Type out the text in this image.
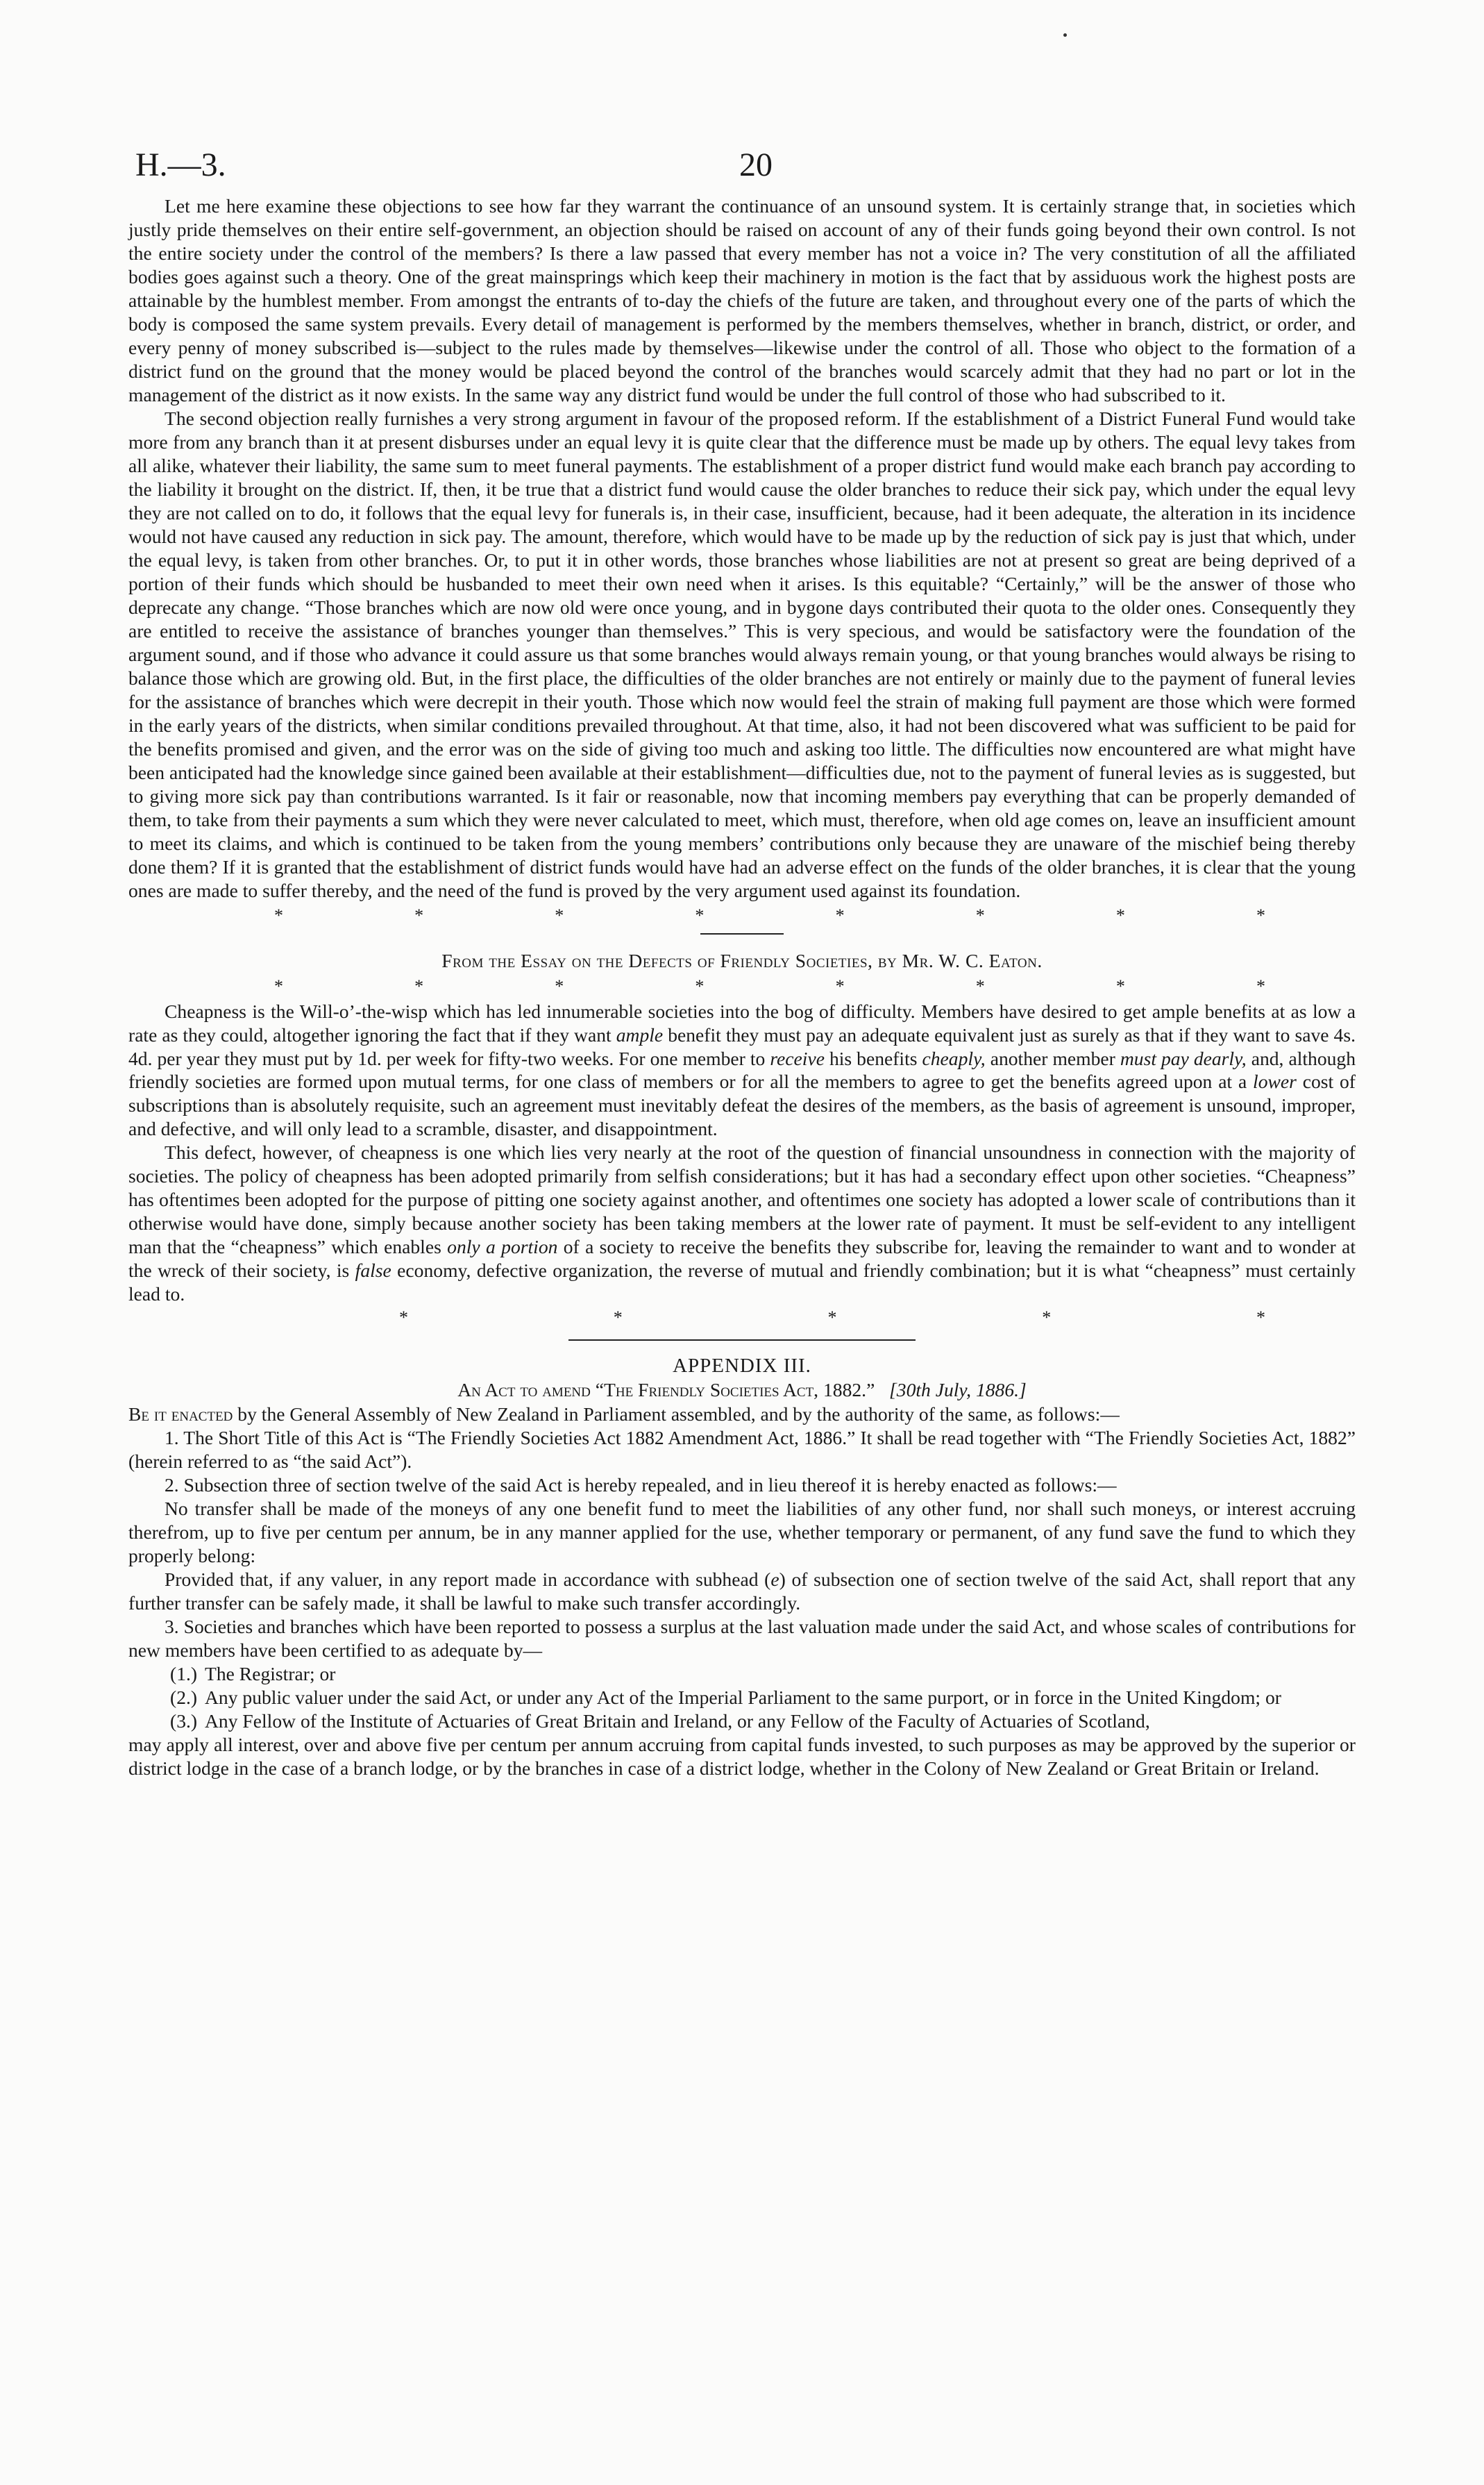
H.—3.	20

Let me here examine these objections to see how far they warrant the continuance of an unsound system. It is certainly strange that, in societies which justly pride themselves on their entire self-government, an objection should be raised on account of any of their funds going beyond their own control. Is not the entire society under the control of the members? Is there a law passed that every member has not a voice in? The very constitution of all the affiliated bodies goes against such a theory. One of the great mainsprings which keep their machinery in motion is the fact that by assiduous work the highest posts are attainable by the humblest member. From amongst the entrants of to-day the chiefs of the future are taken, and throughout every one of the parts of which the body is composed the same system prevails. Every detail of management is performed by the members themselves, whether in branch, district, or order, and every penny of money subscribed is—subject to the rules made by themselves—likewise under the control of all. Those who object to the formation of a district fund on the ground that the money would be placed beyond the control of the branches would scarcely admit that they had no part or lot in the management of the district as it now exists. In the same way any district fund would be under the full control of those who had subscribed to it.

The second objection really furnishes a very strong argument in favour of the proposed reform. If the establishment of a District Funeral Fund would take more from any branch than it at present disburses under an equal levy it is quite clear that the difference must be made up by others. The equal levy takes from all alike, whatever their liability, the same sum to meet funeral payments. The establishment of a proper district fund would make each branch pay according to the liability it brought on the district. If, then, it be true that a district fund would cause the older branches to reduce their sick pay, which under the equal levy they are not called on to do, it follows that the equal levy for funerals is, in their case, insufficient, because, had it been adequate, the alteration in its incidence would not have caused any reduction in sick pay. The amount, therefore, which would have to be made up by the reduction of sick pay is just that which, under the equal levy, is taken from other branches. Or, to put it in other words, those branches whose liabilities are not at present so great are being deprived of a portion of their funds which should be husbanded to meet their own need when it arises. Is this equitable? “Certainly,” will be the answer of those who deprecate any change. “Those branches which are now old were once young, and in bygone days contributed their quota to the older ones. Consequently they are entitled to receive the assistance of branches younger than themselves.” This is very specious, and would be satisfactory were the foundation of the argument sound, and if those who advance it could assure us that some branches would always remain young, or that young branches would always be rising to balance those which are growing old. But, in the first place, the difficulties of the older branches are not entirely or mainly due to the payment of funeral levies for the assistance of branches which were decrepit in their youth. Those which now would feel the strain of making full payment are those which were formed in the early years of the districts, when similar conditions prevailed throughout. At that time, also, it had not been discovered what was sufficient to be paid for the benefits promised and given, and the error was on the side of giving too much and asking too little. The difficulties now encountered are what might have been anticipated had the knowledge since gained been available at their establishment—difficulties due, not to the payment of funeral levies as is suggested, but to giving more sick pay than contributions warranted. Is it fair or reasonable, now that incoming members pay everything that can be properly demanded of them, to take from their payments a sum which they were never calculated to meet, which must, therefore, when old age comes on, leave an insufficient amount to meet its claims, and which is continued to be taken from the young members’ contributions only because they are unaware of the mischief being thereby done them? If it is granted that the establishment of district funds would have had an adverse effect on the funds of the older branches, it is clear that the young ones are made to suffer thereby, and the need of the fund is proved by the very argument used against its foundation.

*	*	*	*	*	*	*	*
From the Essay on the Defects of Friendly Societies, by Mr. W. C. Eaton.
*	*	*	*	*	*	*	*

Cheapness is the Will-o’-the-wisp which has led innumerable societies into the bog of difficulty. Members have desired to get ample benefits at as low a rate as they could, altogether ignoring the fact that if they want ample benefit they must pay an adequate equivalent just as surely as that if they want to save 4s. 4d. per year they must put by 1d. per week for fifty-two weeks. For one member to receive his benefits cheaply, another member must pay dearly, and, although friendly societies are formed upon mutual terms, for one class of members or for all the members to agree to get the benefits agreed upon at a lower cost of subscriptions than is absolutely requisite, such an agreement must inevitably defeat the desires of the members, as the basis of agreement is unsound, improper, and defective, and will only lead to a scramble, disaster, and disappointment.

This defect, however, of cheapness is one which lies very nearly at the root of the question of financial unsoundness in connection with the majority of societies. The policy of cheapness has been adopted primarily from selfish considerations; but it has had a secondary effect upon other societies. “Cheapness” has oftentimes been adopted for the purpose of pitting one society against another, and oftentimes one society has adopted a lower scale of contributions than it otherwise would have done, simply because another society has been taking members at the lower rate of payment. It must be self-evident to any intelligent man that the “cheapness” which enables only a portion of a society to receive the benefits they subscribe for, leaving the remainder to want and to wonder at the wreck of their society, is false economy, defective organization, the reverse of mutual and friendly combination; but it is what “cheapness” must certainly lead to.

*	*	*	*	*
APPENDIX III.
An Act to amend “The Friendly Societies Act, 1882.” [30th July, 1886.]

Be it enacted by the General Assembly of New Zealand in Parliament assembled, and by the authority of the same, as follows:—

1. The Short Title of this Act is “The Friendly Societies Act 1882 Amendment Act, 1886.” It shall be read together with “The Friendly Societies Act, 1882” (herein referred to as “the said Act”).

2. Subsection three of section twelve of the said Act is hereby repealed, and in lieu thereof it is hereby enacted as follows:—

No transfer shall be made of the moneys of any one benefit fund to meet the liabilities of any other fund, nor shall such moneys, or interest accruing therefrom, up to five per centum per annum, be in any manner applied for the use, whether temporary or permanent, of any fund save the fund to which they properly belong:

Provided that, if any valuer, in any report made in accordance with subhead (e) of subsection one of section twelve of the said Act, shall report that any further transfer can be safely made, it shall be lawful to make such transfer accordingly.

3. Societies and branches which have been reported to possess a surplus at the last valuation made under the said Act, and whose scales of contributions for new members have been certified to as adequate by—

(1.) The Registrar; or

(2.) Any public valuer under the said Act, or under any Act of the Imperial Parliament to the same purport, or in force in the United Kingdom; or

(3.) Any Fellow of the Institute of Actuaries of Great Britain and Ireland, or any Fellow of the Faculty of Actuaries of Scotland,

may apply all interest, over and above five per centum per annum accruing from capital funds invested, to such purposes as may be approved by the superior or district lodge in the case of a branch lodge, or by the branches in case of a district lodge, whether in the Colony of New Zealand or Great Britain or Ireland.
